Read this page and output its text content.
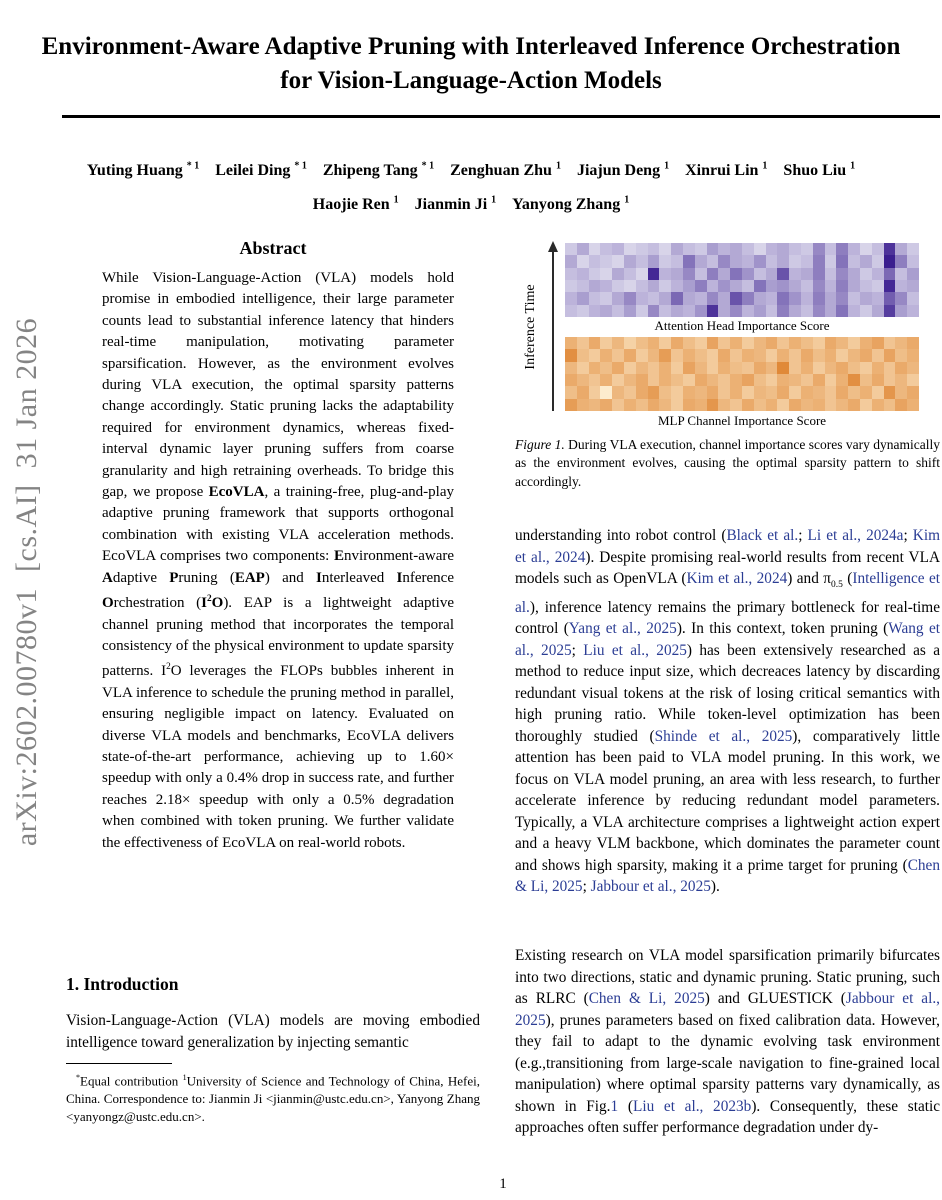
arXiv:2602.00780v1  [cs.AI]  31 Jan 2026
Environment-Aware Adaptive Pruning with Interleaved Inference Orchestration
for Vision-Language-Action Models
Yuting Huang $^{* 1}$ Leilei Ding $^{* 1}$ Zhipeng Tang $^{* 1}$ Zenghuan Zhu $^1$ Jiajun Deng $^1$ Xinrui Lin $^1$ Shuo Liu $^1$
Haojie Ren $^1$ Jianmin Ji $^1$ Yanyong Zhang $^1$
Abstract
While Vision-Language-Action (VLA) models hold promise in embodied intelligence, their large parameter counts lead to substantial inference latency that hinders real-time manipulation, motivating parameter sparsification. However, as the environment evolves during VLA execution, the optimal sparsity patterns change accordingly. Static pruning lacks the adaptability required for environment dynamics, whereas fixed-interval dynamic layer pruning suffers from coarse granularity and high retraining overheads. To bridge this gap, we propose EcoVLA, a training-free, plug-and-play adaptive pruning framework that supports orthogonal combination with existing VLA acceleration methods. EcoVLA comprises two components: Environment-aware Adaptive Pruning (EAP) and Interleaved Inference Orchestration $(I^2O)$. EAP is a lightweight adaptive channel pruning method that incorporates the temporal consistency of the physical environment to update sparsity patterns. $I^2O$ leverages the FLOPs bubbles inherent in VLA inference to schedule the pruning method in parallel, ensuring negligible impact on latency. Evaluated on diverse VLA models and benchmarks, EcoVLA delivers state-of-the-art performance, achieving up to 1.60× speedup with only a 0.4% drop in success rate, and further reaches 2.18× speedup with only a 0.5% degradation when combined with token pruning. We further validate the effectiveness of EcoVLA on real-world robots.
1. Introduction
Vision-Language-Action (VLA) models are moving embodied intelligence toward generalization by injecting semantic
*Equal contribution $^1$University of Science and Technology of China, Hefei, China. Correspondence to: Jianmin Ji <jianmin@ustc.edu.cn>, Yanyong Zhang <yanyongz@ustc.edu.cn>.
Inference Time	Attention Head Importance Score
MLP Channel Importance Score
Figure 1. During VLA execution, channel importance scores vary dynamically as the environment evolves, causing the optimal sparsity pattern to shift accordingly.
understanding into robot control (Black et al.; Li et al., 2024a; Kim et al., 2024). Despite promising real-world results from recent VLA models such as OpenVLA (Kim et al., 2024) and $\pi_{0.5}$ (Intelligence et al.), inference latency remains the primary bottleneck for real-time control (Yang et al., 2025). In this context, token pruning (Wang et al., 2025; Liu et al., 2025) has been extensively researched as a method to reduce input size, which decreaces latency by discarding redundant visual tokens at the risk of losing critical semantics with high pruning ratio. While token-level optimization has been thoroughly studied (Shinde et al., 2025), comparatively little attention has been paid to VLA model pruning. In this work, we focus on VLA model pruning, an area with less research, to further accelerate inference by reducing redundant model parameters. Typically, a VLA architecture comprises a lightweight action expert and a heavy VLM backbone, which dominates the parameter count and shows high sparsity, making it a prime target for pruning (Chen & Li, 2025; Jabbour et al., 2025).
Existing research on VLA model sparsification primarily bifurcates into two directions, static and dynamic pruning. Static pruning, such as RLRC (Chen & Li, 2025) and GLUESTICK (Jabbour et al., 2025), prunes parameters based on fixed calibration data. However, they fail to adapt to the dynamic evolving task environment (e.g.,transitioning from large-scale navigation to fine-grained local manipulation) where optimal sparsity patterns vary dynamically, as shown in Fig.1 (Liu et al., 2023b). Consequently, these static approaches often suffer performance degradation under dy-
1
